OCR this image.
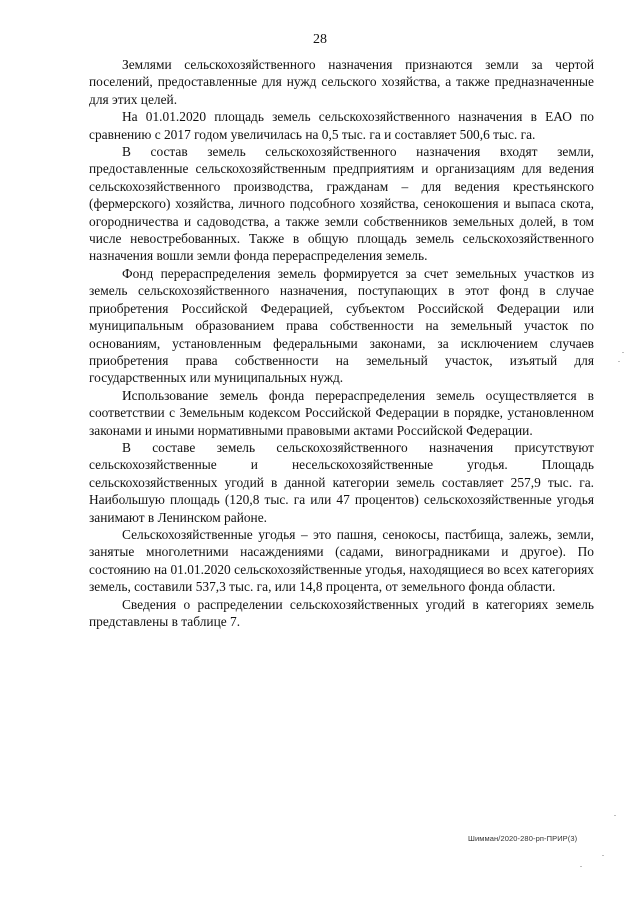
28

Землями сельскохозяйственного назначения признаются земли за чертой поселений, предоставленные для нужд сельского хозяйства, а также предназначенные для этих целей.

На 01.01.2020 площадь земель сельскохозяйственного назначения в ЕАО по сравнению с 2017 годом увеличилась на 0,5 тыс. га и составляет 500,6 тыс. га.

В состав земель сельскохозяйственного назначения входят земли, предоставленные сельскохозяйственным предприятиям и организациям для ведения сельскохозяйственного производства, гражданам – для ведения крестьянского (фермерского) хозяйства, личного подсобного хозяйства, сенокошения и выпаса скота, огородничества и садоводства, а также земли собственников земельных долей, в том числе невостребованных. Также в общую площадь земель сельскохозяйственного назначения вошли земли фонда перераспределения земель.

Фонд перераспределения земель формируется за счет земельных участков из земель сельскохозяйственного назначения, поступающих в этот фонд в случае приобретения Российской Федерацией, субъектом Российской Федерации или муниципальным образованием права собственности на земельный участок по основаниям, установленным федеральными законами, за исключением случаев приобретения права собственности на земельный участок, изъятый для государственных или муниципальных нужд.

Использование земель фонда перераспределения земель осуществляется в соответствии с Земельным кодексом Российской Федерации в порядке, установленном законами и иными нормативными правовыми актами Российской Федерации.

В составе земель сельскохозяйственного назначения присутствуют сельскохозяйственные и несельскохозяйственные угодья. Площадь сельскохозяйственных угодий в данной категории земель составляет 257,9 тыс. га. Наибольшую площадь (120,8 тыс. га или 47 процентов) сельскохозяйственные угодья занимают в Ленинском районе.

Сельскохозяйственные угодья – это пашня, сенокосы, пастбища, залежь, земли, занятые многолетними насаждениями (садами, виноградниками и другое). По состоянию на 01.01.2020 сельскохозяйственные угодья, находящиеся во всех категориях земель, составили 537,3 тыс. га, или 14,8 процента, от земельного фонда области.

Сведения о распределении сельскохозяйственных угодий в категориях земель представлены в таблице 7.

Шимман/2020-280-рп-ПРИР(3)
